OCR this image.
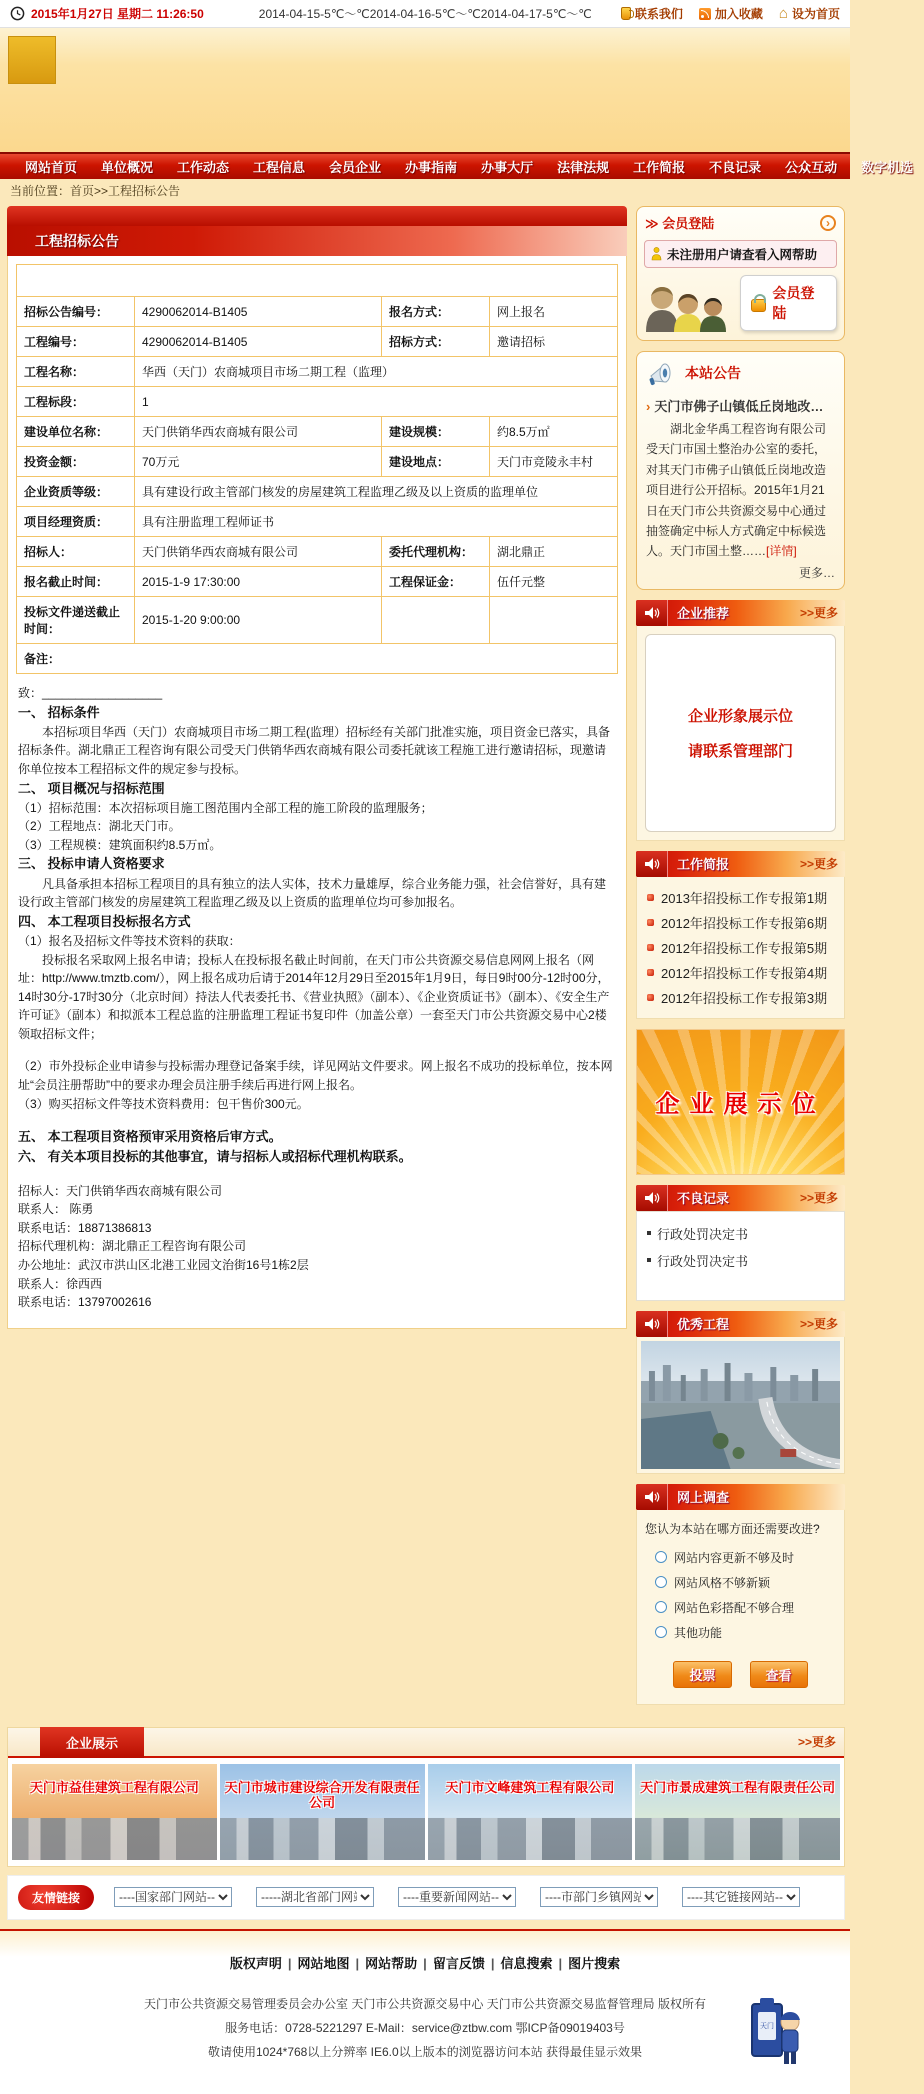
2015年1月27日 星期二 11:26:50	2014-04-15-5℃～℃2014-04-16-5℃～℃2014-04-17-5℃～℃	联系我们	加入收藏 ⌂ 设为首页
网站首页	单位概况	工作动态	工程信息	会员企业	办事指南	办事大厅	法律法规	工作简报	不良记录	公众互动	数字机选
当前位置：首页>>工程招标公告
工程招标公告
华西（天门）农商城项目市场二期工程（监理）--工程招标公告			
招标公告编号：	4290062014-B1405	报名方式：	网上报名
工程编号：	4290062014-B1405	招标方式：	邀请招标
工程名称：	华西（天门）农商城项目市场二期工程（监理）		
工程标段：	1		
建设单位名称：	天门供销华西农商城有限公司	建设规模：	约8.5万㎡
投资金额：	70万元	建设地点：	天门市竞陵永丰村
企业资质等级：	具有建设行政主管部门核发的房屋建筑工程监理乙级及以上资质的监理单位		
项目经理资质：	具有注册监理工程师证书		
招标人：	天门供销华西农商城有限公司	委托代理机构：	湖北鼎正
报名截止时间：	2015-1-9 17:30:00	工程保证金：	伍仟元整
投标文件递送截止时间：	2015-1-20 9:00:00		
备注：			

致：__________________

一、 招标条件

　　本招标项目华西（天门）农商城项目市场二期工程(监理）招标经有关部门批准实施，项目资金已落实，具备招标条件。湖北鼎正工程咨询有限公司受天门供销华西农商城有限公司委托就该工程施工进行邀请招标，现邀请你单位按本工程招标文件的规定参与投标。

二、 项目概况与招标范围

（1）招标范围：本次招标项目施工图范围内全部工程的施工阶段的监理服务；

（2）工程地点：湖北天门市。

（3）工程规模：建筑面积约8.5万㎡。

三、 投标申请人资格要求

　　凡具备承担本招标工程项目的具有独立的法人实体，技术力量雄厚，综合业务能力强，社会信誉好，具有建设行政主管部门核发的房屋建筑工程监理乙级及以上资质的监理单位均可参加报名。

四、 本工程项目投标报名方式

（1）报名及招标文件等技术资料的获取：

　　投标报名采取网上报名申请；投标人在投标报名截止时间前，在天门市公共资源交易信息网网上报名（网址：http://www.tmztb.com/），网上报名成功后请于2014年12月29日至2015年1月9日，每日9时00分-12时00分，14时30分-17时30分（北京时间）持法人代表委托书、《营业执照》（副本）、《企业资质证书》（副本）、《安全生产许可证》（副本）和拟派本工程总监的注册监理工程证书复印件（加盖公章）一套至天门市公共资源交易中心2楼领取招标文件；

（2）市外投标企业申请参与投标需办理登记备案手续，详见网站文件要求。网上报名不成功的投标单位，按本网址“会员注册帮助”中的要求办理会员注册手续后再进行网上报名。

（3）购买招标文件等技术资料费用：包干售价300元。

五、 本工程项目资格预审采用资格后审方式。

六、 有关本项目投标的其他事宜，请与招标人或招标代理机构联系。

招标人：天门供销华西农商城有限公司

联系人： 陈勇

联系电话：18871386813

招标代理机构：湖北鼎正工程咨询有限公司

办公地址：武汉市洪山区北港工业园文治街16号1栋2层

联系人：徐西西

联系电话：13797002616

≫ 会员登陆	›
未注册用户请查看入网帮助
会员登陆
本站公告
› 天门市佛子山镇低丘岗地改…
　　湖北金华禹工程咨询有限公司受天门市国土整治办公室的委托，对其天门市佛子山镇低丘岗地改造项目进行公开招标。2015年1月21日在天门市公共资源交易中心通过抽签确定中标人方式确定中标候选人。天门市国土整……[详情]
更多…
企业推荐	>>更多
企业形象展示位
请联系管理部门
工作简报	>>更多
2013年招投标工作专报第1期
2012年招投标工作专报第6期
2012年招投标工作专报第5期
2012年招投标工作专报第4期
2012年招投标工作专报第3期
企业展示位
不良记录	>>更多
行政处罚决定书
行政处罚决定书
优秀工程	>>更多
网上调查
您认为本站在哪方面还需要改进?
网站内容更新不够及时
网站风格不够新颖
网站色彩搭配不够合理
其他功能
投票	查看
企业展示	>>更多
天门市益佳建筑工程有限公司	天门市城市建设综合开发有限责任公司
天门市文峰建筑工程有限公司	天门市景成建筑工程有限责任公司
友情链接
----国家部门网站----
-----湖北省部门网站---
----重要新闻网站----
----市部门乡镇网站---
----其它链接网站----
版权声明 | 网站地图 | 网站帮助 | 留言反馈 | 信息搜索 | 图片搜索
天门市公共资源交易管理委员会办公室 天门市公共资源交易中心 天门市公共资源交易监督管理局 版权所有
服务电话：0728-5221297 E-Mail：service@ztbw.com 鄂ICP备09019403号
敬请使用1024*768以上分辨率 IE6.0以上版本的浏览器访问本站 获得最佳显示效果
天门
